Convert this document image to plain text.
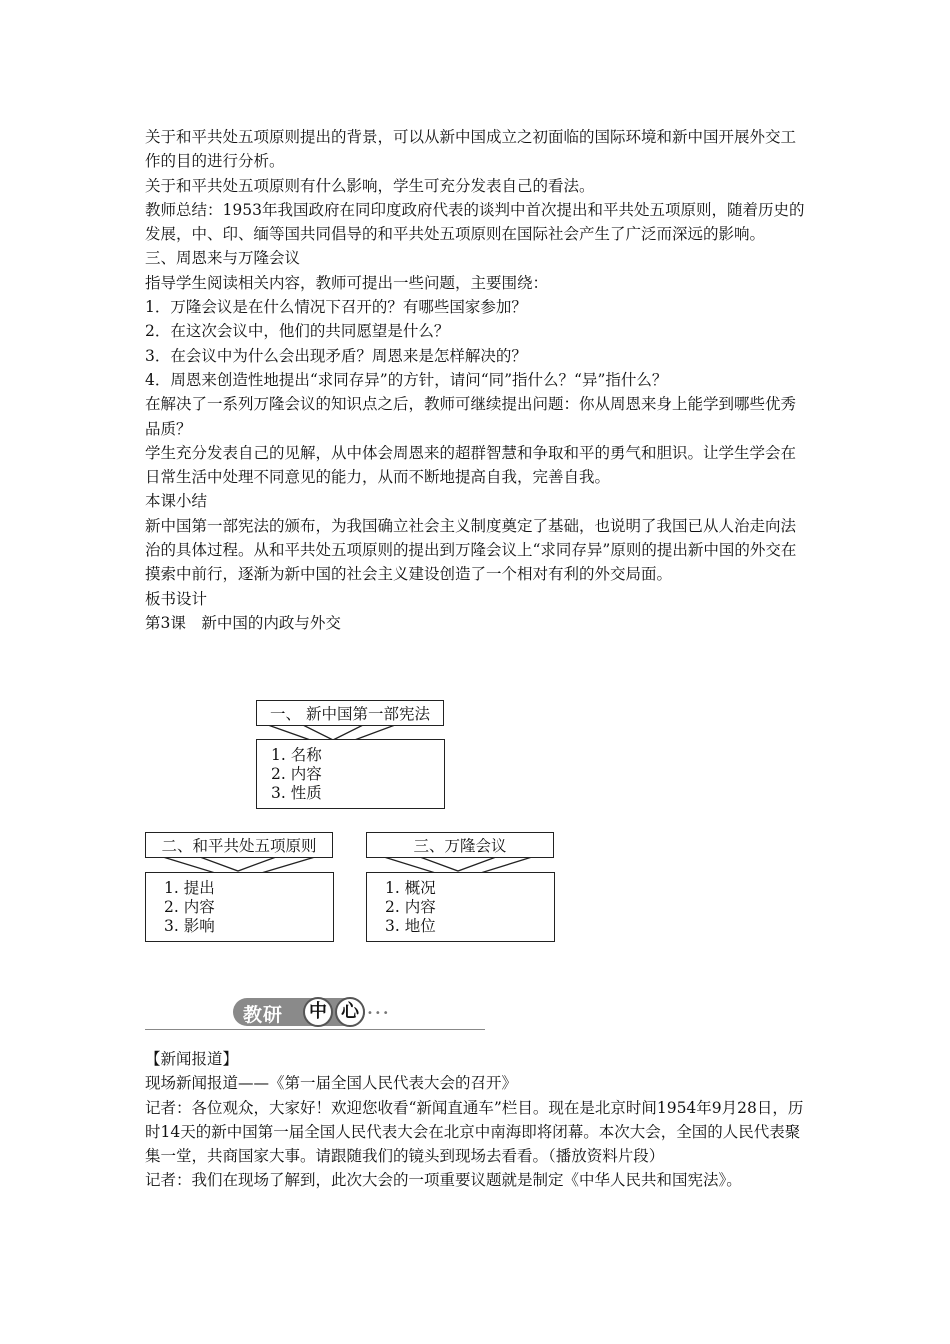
关于和平共处五项原则提出的背景，可以从新中国成立之初面临的国际环境和新中国开展外交工作的目的进行分析。

关于和平共处五项原则有什么影响，学生可充分发表自己的看法。

教师总结：1953年我国政府在同印度政府代表的谈判中首次提出和平共处五项原则，随着历史的发展，中、印、缅等国共同倡导的和平共处五项原则在国际社会产生了广泛而深远的影响。

三、周恩来与万隆会议

指导学生阅读相关内容，教师可提出一些问题，主要围绕：

1．万隆会议是在什么情况下召开的？有哪些国家参加？

2．在这次会议中，他们的共同愿望是什么？

3．在会议中为什么会出现矛盾？周恩来是怎样解决的？

4．周恩来创造性地提出“求同存异”的方针，请问“同”指什么？“异”指什么？

在解决了一系列万隆会议的知识点之后，教师可继续提出问题：你从周恩来身上能学到哪些优秀品质？

学生充分发表自己的见解，从中体会周恩来的超群智慧和争取和平的勇气和胆识。让学生学会在日常生活中处理不同意见的能力，从而不断地提高自我，完善自我。

本课小结

新中国第一部宪法的颁布，为我国确立社会主义制度奠定了基础，也说明了我国已从人治走向法治的具体过程。从和平共处五项原则的提出到万隆会议上“求同存异”原则的提出新中国的外交在摸索中前行，逐渐为新中国的社会主义建设创造了一个相对有利的外交局面。

板书设计

第3课　新中国的内政与外交

一、 新中国第一部宪法
1. 名称
2. 内容
3. 性质
二、和平共处五项原则
1. 提出
2. 内容
3. 影响
三、万隆会议
1. 概况
2. 内容
3. 地位
教研	中 心 •••

【新闻报道】

现场新闻报道——《第一届全国人民代表大会的召开》

记者：各位观众，大家好！欢迎您收看“新闻直通车”栏目。现在是北京时间1954年9月28日，历时14天的新中国第一届全国人民代表大会在北京中南海即将闭幕。本次大会，全国的人民代表聚集一堂，共商国家大事。请跟随我们的镜头到现场去看看。（播放资料片段）

记者：我们在现场了解到，此次大会的一项重要议题就是制定《中华人民共和国宪法》。
